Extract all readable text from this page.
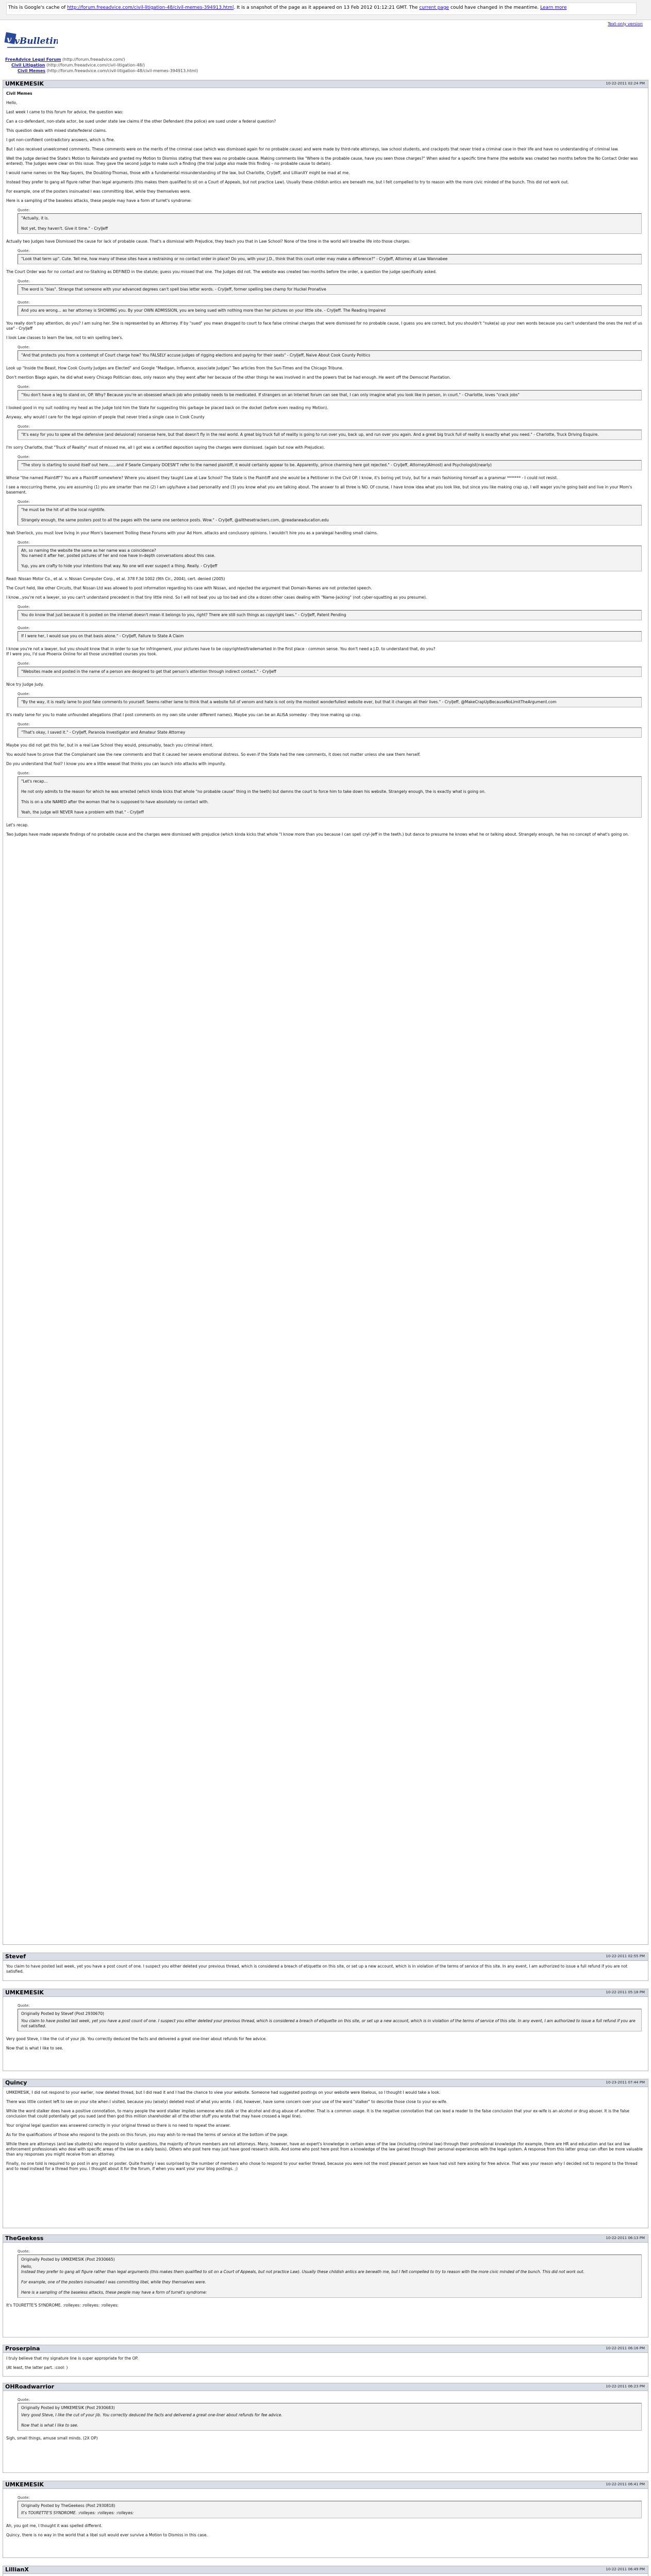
This is Google's cache of http://forum.freeadvice.com/civil-litigation-48/civil-memes-394913.html. It is a snapshot of the page as it appeared on 13 Feb 2012 01:12:21 GMT. The current page could have changed in the meantime. Learn more
Text-only version
v vBulletin
FreeAdvice Legal Forum (http://forum.freeadvice.com/)
Civil Litigation (http://forum.freeadvice.com/civil-litigation-48/)
Civil Memes (http://forum.freeadvice.com/civil-litigation-48/civil-memes-394913.html)
UMKEMESIK	10-22-2011 02:24 PM
Civil Memes

Hello,

Last week I came to this forum for advice, the question was:

Can a co-defendant, non-state actor, be sued under state law claims if the other Defendant (the police) are sued under a federal question?

This question deals with mixed state/federal claims.

I got non-confident contradictory answers, which is fine.

But I also received unwelcomed comments. These comments were on the merits of the criminal case (which was dismissed again for no probable cause) and were made by third-rate attorneys, law school students, and crackpots that never tried a criminal case in their life and have no understanding of criminal law.

Well the Judge denied the State's Motion to Reinstate and granted my Motion to Dismiss stating that there was no probable cause. Making comments like "Where is the probable cause, have you seen those charges?" When asked for a specific time frame (the website was created two months before the No Contact Order was entered). The Judges were clear on this issue. They gave the second judge to make such a finding (the trial judge also made this finding – no probable cause to detain).

I would name names on the Nay-Sayers, the Doubting-Thomas, those with a fundamental misunderstanding of the law, but Charlotte, CrylJeff, and LillianXY might be mad at me.

Instead they prefer to gang all figure rather than legal arguments (this makes them qualified to sit on a Court of Appeals, but not practice Law). Usually these childish antics are beneath me, but I felt compelled to try to reason with the more civic minded of the bunch. This did not work out.

For example, one of the posters insinuated I was committing libel, while they themselves were.

Here is a sampling of the baseless attacks, these people may have a form of turret's syndrome:

Quote:
"Actually, it is.

Not yet, they haven't. Give it time." - CrylJeff

Actually two Judges have Dismissed the cause for lack of probable cause. That's a dismissal with Prejudice, they teach you that in Law School? None of the time in the world will breathe life into those charges.

Quote:
"Look that term up". Cute. Tell me, how many of these sites have a restraining or no contact order in place? Do you, with your J.D., think that this court order may make a difference?" - CrylJeff, Attorney at Law Wannabee

The Court Order was for no contact and no-Stalking as DEFINED in the statute; guess you missed that one. The Judges did not. The website was created two months before the order, a question the judge specifically asked.

Quote:
The word is "bias". Strange that someone with your advanced degrees can't spell bias letter words. - CrylJeff, former spelling bee champ for Huckel Pronative
Quote:
And you are wrong... as her attorney is SHOWING you. By your OWN ADMISSION, you are being sued with nothing more than her pictures on your little site. - CrylJeff. The Reading Impaired

You really don't pay attention, do you? I am suing her. She is represented by an Attorney. If by "sued" you mean dragged to court to face false criminal charges that were dismissed for no probable cause, I guess you are correct, but you shouldn't "nuke(a) up your own words because you can't understand the ones the rest of us use" - CrylJeff

I look Law classes to learn the law, not to win spelling bee's.

Quote:
"And that protects you from a contempt of Court charge how? You FALSELY accuse judges of rigging elections and paying for their seats" - CrylJeff, Naive About Cook County Politics

Look up "Inside the Beast, How Cook County Judges are Elected" and Google "Madigan, Influence, associate Judges" Two articles from the Sun-Times and the Chicago Tribune.

Don't mention Blago again, he did what every Chicago Politician does, only reason why they went after her because of the other things he was involved in and the powers that be had enough. He went off the Democrat Plantation.

Quote:
"You don't have a leg to stand on, OP. Why? Because you're an obsessed whack-job who probably needs to be medicated. If strangers on an Internet forum can see that, I can only imagine what you look like in person, in court." - Charlotte, loves "crack jobs"

I looked good in my suit nodding my head as the Judge told him the State for suggesting this garbage be placed back on the docket (before even reading my Motion).

Anyway, why would I care for the legal opinion of people that never tried a single case in Cook County

Quote:
"It's easy for you to spew all the defensive (and delusional) nonsense here, but that doesn't fly in the real world. A great big truck full of reality is going to run over you, back up, and run over you again. And a great big truck full of reality is exactly what you need." - Charlotte, Truck Driving Esquire.

I'm sorry Charlotte, that "Truck of Reality" must of missed me, all I got was a certified deposition saying the charges were dismissed. (again but now with Prejudice).

Quote:
"The story is starting to sound itself out here.......and if Searle Company DOESN'T refer to the named plaintiff, it would certainly appear to be. Apparently, prince charming here got rejected." - CrylJeff, Attorney(Almost) and Psychologist(nearly)

Whose "the named Plaintiff"? You are a Plaintiff somewhere? Where you absent they taught Law at Law School? The State is the Plaintiff and she would be a Petitioner in the Civil OP. I know, it's boring yet truly, but for a main fashioning himself as a grammar ******* - I could not resist.

I see a reoccurring theme, you are assuming (1) you are smarter than me (2) I am ugly/have a bad personality and (3) you know what you are talking about. The answer to all three is NO. Of course, I have know idea what you look like, but since you like making crap up, I will wager you're going bald and live in your Mom's basement.

Quote:
"he must be the hit of all the local nightlife.

Strangely enough, the same posters post to all the pages with the same one sentence posts. Wow." - CrylJeff, @allthesetrackers.com, @readaneaducation.edu

Yeah Sherlock, you must love living in your Mom's basement Trolling these Forums with your Ad Hom. attacks and conclusory opinions. I wouldn't hire you as a paralegal handling small claims.

Quote:
Ah, so naming the website the same as her name was a coincidence?
You named it after her, posted pictures of her and now have in-depth conversations about this case.

Yup, you are crafty to hide your intentions that way. No one will ever suspect a thing. Really. - CrylJeff

Read: Nissan Motor Co., et al. v. Nissan Computer Corp., et al. 378 F.3d 1002 (9th Cir., 2004), cert. denied (2005)

The Court held, like other Circuits, that Nissan Ltd was allowed to post information regarding his case with Nissan, and rejected the argument that Domain-Names are not protected speech.

I know...you're not a lawyer, so you can't understand precedent in that tiny little mind. So I will not beat you up too bad and cite a dozen other cases dealing with "Name-Jacking" (not cyber-squatting as you presume).

Quote:
You do know that just because it is posted on the internet doesn't mean it belongs to you, right? There are still such things as copyright laws." - CrylJeff, Patent Pending
Quote:
If I were her, I would sue you on that basis alone." - CrylJeff, Failure to State A Claim

I know you're not a lawyer, but you should know that in order to sue for infringement, your pictures have to be copyrighted/trademarked in the first place - common sense. You don't need a J.D. to understand that, do you?
If I were you, I'd sue Phoenix Online for all those uncredited courses you took.

Quote:
"Websites made and posted in the name of a person are designed to get that person's attention through indirect contact." - CrylJeff

Nice try Judge Judy.

Quote:
"By the way, it is really lame to post fake comments to yourself. Seems rather lame to think that a website full of venom and hate is not only the mostest wonderfullest website ever, but that it changes all their lives." - CrylJeff, @MakeCrapUpBecauseNoLimitTheArgument.com

It's really lame for you to make unfounded allegations (that I post comments on my own site under different names). Maybe you can be an ALISA someday - they love making up crap.

Quote:
"That's okay, I saved it." - CrylJeff, Paranoia Investigator and Amateur State Attorney

Maybe you did not get this far, but in a real Law School they would, presumably, teach you criminal intent.

You would have to prove that the Complainant saw the new comments and that it caused her severe emotional distress. So even if the State had the new comments, it does not matter unless she saw them herself.

Do you understand that fool? I know you are a little weasel that thinks you can launch into attacks with impunity.

Quote:
"Let's recap...

He not only admits to the reason for which he was arrested (which kinda kicks that whole "no probable cause" thing in the teeth) but damns the court to force him to take down his website. Strangely enough, the is exactly what is going on.

This is on a site NAMED after the woman that he is supposed to have absolutely no contact with.

Yeah, the judge will NEVER have a problem with that." - CrylJeff

Let's recap.

Two Judges have made separate findings of no probable cause and the charges were dismissed with prejudice (which kinda kicks that whole "I know more than you because I can spell cryl-Jeff in the teeth.) but dance to presume he knows what he or talking about. Strangely enough, he has no concept of what's going on.

Stevef	10-22-2011 02:55 PM

You claim to have posted last week, yet you have a post count of one. I suspect you either deleted your previous thread, which is considered a breach of etiquette on this site, or set up a new account, which is in violation of the terms of service of this site. In any event, I am authorized to issue a full refund if you are not satisfied.

UMKEMESIK	10-22-2011 05:18 PM
Quote:
Originally Posted by Stevef (Post 2930670)
You claim to have posted last week, yet you have a post count of one. I suspect you either deleted your previous thread, which is considered a breach of etiquette on this site, or set up a new account, which is in violation of the terms of service of this site. In any event, I am authorized to issue a full refund if you are not satisfied.

Very good Steve, I like the cut of your jib. You correctly deduced the facts and delivered a great one-liner about refunds for fee advice.

Now that is what I like to see.

Quincy	10-23-2011 07:44 PM

UMKEMESIK, I did not respond to your earlier, now deleted thread, but I did read it and I had the chance to view your website. Someone had suggested postings on your website were libelous, so I thought I would take a look.

There was little content left to see on your site when I visited, because you (wisely) deleted most of what you wrote. I did, however, have some concern over your use of the word "stalker" to describe those close to your ex-wife.

While the word stalker does have a positive connotation, to many people the word stalker implies someone who stalk or the alcohol and drug abuse of another. That is a common usage. It is the negative connotation that can lead a reader to the false conclusion that your ex-wife is an alcohol or drug abuser. It is the false conclusion that could potentially get you sued (and then god this million shareholder all of the other stuff you wrote that may have crossed a legal line).

Your original legal question was answered correctly in your original thread so there is no need to repeat the answer.

As for the qualifications of those who respond to the posts on this forum, you may wish to re-read the terms of service at the bottom of the page.

While there are attorneys (and law students) who respond to visitor questions, the majority of forum members are not attorneys. Many, however, have an expert's knowledge in certain areas of the law (including criminal law) through their professional knowledge (for example, there are HR and education and tax and law enforcement professionals who deal with specific areas of the law on a daily basis). Others who post here may just have good research skills. And some who post here post from a knowledge of the law gained through their personal experiences with the legal system. A response from this latter group can often be more valuable than any responses you might receive from an attorney.

Finally, no one told is required to go post in any post or poster. Quite frankly I was surprised by the number of members who chose to respond to your earlier thread, because you were not the most pleasant person we have had visit here asking for free advice. That was your reason why I decided not to respond to the thread and to read instead for a thread from you. I thought about it for the forum, if when you want your your blog postings. ;)

TheGeekess	10-22-2011 06:13 PM
Quote:
Originally Posted by UMKEMESIK (Post 2930665)
Hello,
Instead they prefer to gang all figure rather than legal arguments (this makes them qualified to sit on a Court of Appeals, but not practice Law). Usually these childish antics are beneath me, but I felt compelled to try to reason with the more civic minded of the bunch. This did not work out.

For example, one of the posters insinuated I was committing libel, while they themselves were.

Here is a sampling of the baseless attacks, these people may have a form of turret's syndrome:

It's TOURETTE'S SYNDROME. :rolleyes: :rolleyes: :rolleyes:

Proserpina	10-22-2011 06:16 PM

I truly believe that my signature line is super appropriate for the OP.

(At least, the latter part. :cool: )

OHRoadwarrior	10-22-2011 06:23 PM
Quote:
Originally Posted by UMKEMESIK (Post 2930683)
Very good Steve, I like the cut of your jib. You correctly deduced the facts and delivered a great one-liner about refunds for fee advice.

Now that is what I like to see.

Sigh, small things, amuse small minds. (2X OP)

UMKEMESIK	10-22-2011 06:41 PM
Quote:
Originally Posted by TheGeekess (Post 2930818)
It's TOURETTE'S SYNDROME. :rolleyes: :rolleyes: :rolleyes:

Ah, you got me, I thought it was spelled different.

Quincy, there is no way in the world that a libel suit would ever survive a Motion to Dismiss in this case.

LillianX	10-22-2011 06:49 PM
